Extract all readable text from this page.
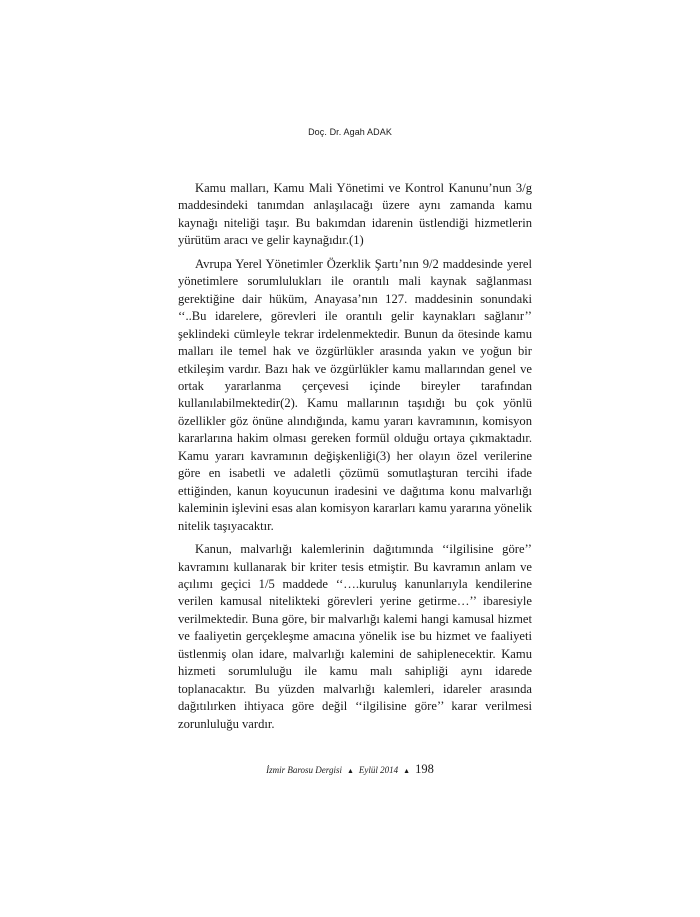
Doç. Dr. Agah ADAK

Kamu malları, Kamu Mali Yönetimi ve Kontrol Kanunu’nun 3/g maddesindeki tanımdan anlaşılacağı üzere aynı zamanda kamu kaynağı niteliği taşır. Bu bakımdan idarenin üstlendiği hizmetlerin yürütüm aracı ve gelir kaynağıdır.(1)

Avrupa Yerel Yönetimler Özerklik Şartı’nın 9/2 maddesinde yerel yönetimlere sorumlulukları ile orantılı mali kaynak sağlanması gerektiğine dair hüküm, Anayasa’nın 127. maddesinin sonundaki ‘‘..Bu idarelere, görevleri ile orantılı gelir kaynakları sağlanır’’ şeklindeki cümleyle tekrar irdelenmektedir. Bunun da ötesinde kamu malları ile temel hak ve özgürlükler arasında yakın ve yoğun bir etkileşim vardır. Bazı hak ve özgürlükler kamu mallarından genel ve ortak yararlanma çerçevesi içinde bireyler tarafından kullanılabilmektedir(2). Kamu mallarının taşıdığı bu çok yönlü özellikler göz önüne alındığında, kamu yararı kavramının, komisyon kararlarına hakim olması gereken formül olduğu ortaya çıkmaktadır. Kamu yararı kavramının değişkenliği(3) her olayın özel verilerine göre en isabetli ve adaletli çözümü somutlaşturan tercihi ifade ettiğinden, kanun koyucunun iradesini ve dağıtıma konu malvarlığı kaleminin işlevini esas alan komisyon kararları kamu yararına yönelik nitelik taşıyacaktır.

Kanun, malvarlığı kalemlerinin dağıtımında ‘‘ilgilisine göre’’ kavramını kullanarak bir kriter tesis etmiştir. Bu kavramın anlam ve açılımı geçici 1/5 maddede ‘‘….kuruluş kanunlarıyla kendilerine verilen kamusal nitelikteki görevleri yerine getirme…’’ ibaresiyle verilmektedir. Buna göre, bir malvarlığı kalemi hangi kamusal hizmet ve faaliyetin gerçekleşme amacına yönelik ise bu hizmet ve faaliyeti üstlenmiş olan idare, malvarlığı kalemini de sahiplenecektir. Kamu hizmeti sorumluluğu ile kamu malı sahipliği aynı idarede toplanacaktır. Bu yüzden malvarlığı kalemleri, idareler arasında dağıtılırken ihtiyaca göre değil ‘‘ilgilisine göre’’ karar verilmesi zorunluluğu vardır.

İzmir Barosu Dergisi ▲ Eylül 2014 ▲ 198
